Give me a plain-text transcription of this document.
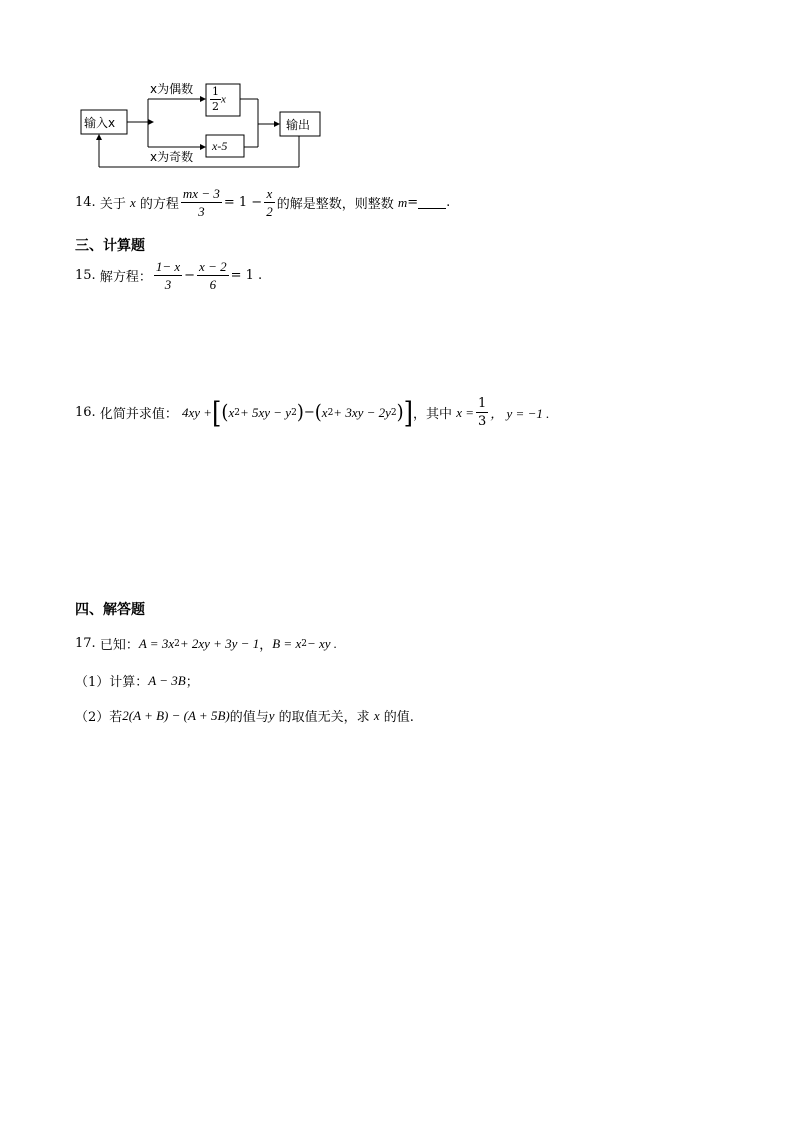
输入x
x为偶数
x为奇数
$\frac{1}{2}$ x
x-5
输出
14.
关于
x
的方程 $\frac{mx - 3}{3} = 1 - \frac{x}{2}$ 的解是整数，则整数
m = .
三、计算题
15.
解方程： $\frac{1- x}{3} - \frac{x - 2}{6} = 1$ .
16.
化简并求值：
4xy + [ ( x 2 + 5xy − y 2 ) − ( x 2 + 3xy − 2y 2 ) ] ，其中
$x = \frac{1}{3}$ ， y = −1 .
四、解答题
17.
已知： A = 3x 2 + 2xy + 3y − 1 ， B = x 2 − xy .
（1）计算： A − 3B ；
（2）若 2(A + B) − (A + 5B) 的值与 y
的取值无关，求
x
的值.
